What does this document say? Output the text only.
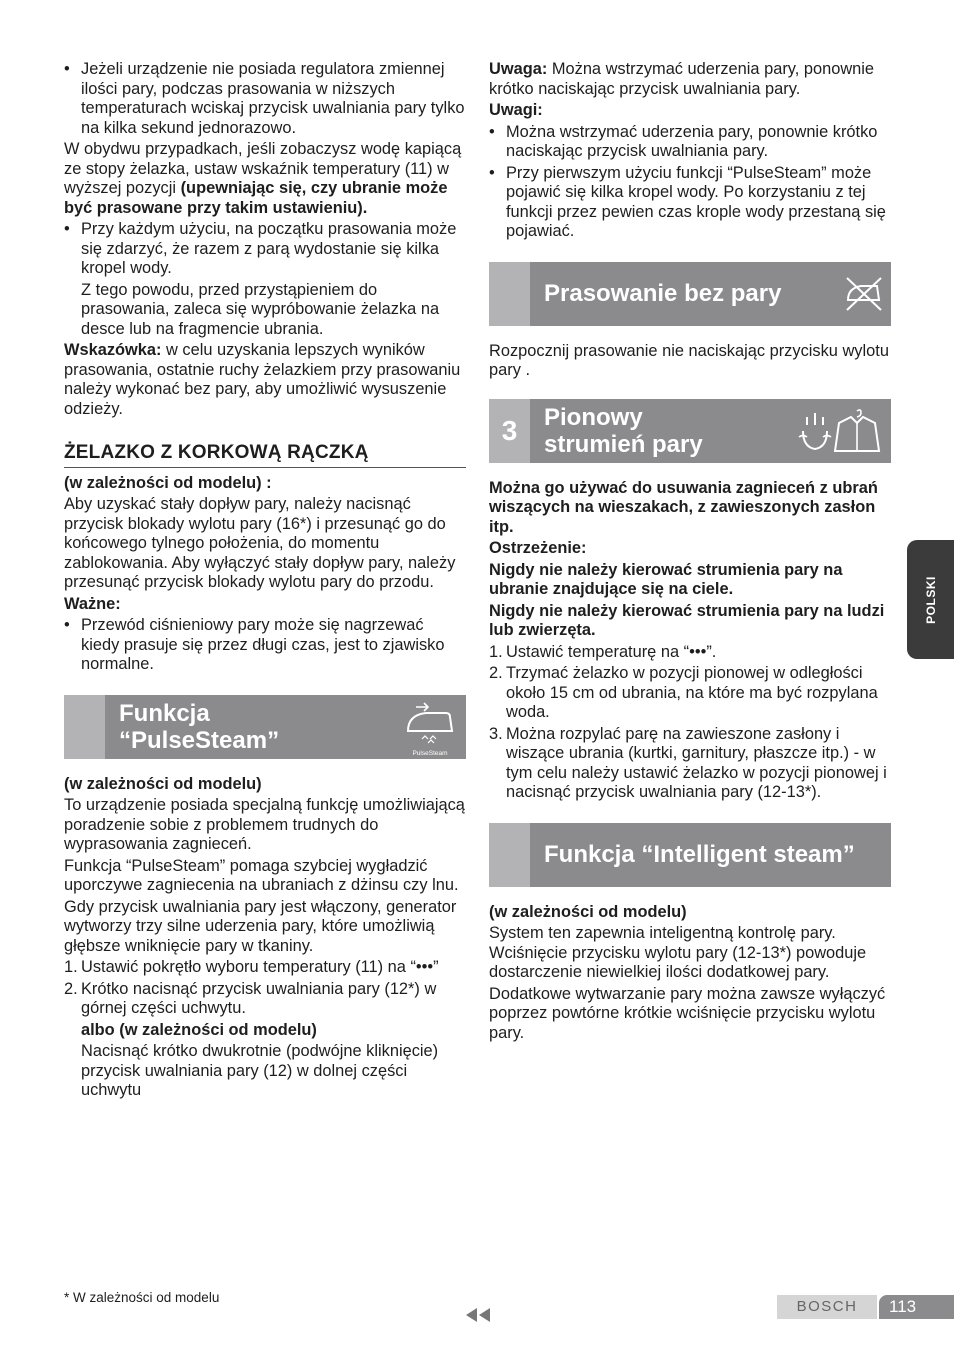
• Jeżeli urządzenie nie posiada regulatora zmiennej ilości pary, podczas prasowania w niższych temperaturach wciskaj przycisk uwalniania pary tylko na kilka sekund jednorazowo.

W obydwu przypadkach, jeśli zobaczysz wodę kapiącą ze stopy żelazka, ustaw wskaźnik temperatury (11) w wyższej pozycji (upewniając się, czy ubranie może być prasowane przy takim ustawieniu).

• Przy każdym użyciu, na początku prasowania może się zdarzyć, że razem z parą wydostanie się kilka kropel wody.

Z tego powodu, przed przystąpieniem do prasowania, zaleca się wypróbowanie żelazka na desce lub na fragmencie ubrania.

Wskazówka: w celu uzyskania lepszych wyników prasowania, ostatnie ruchy żelazkiem przy prasowaniu należy wykonać bez pary, aby umożliwić wysuszenie odzieży.

ŻELAZKO Z KORKOWĄ RĄCZKĄ

(w zależności od modelu) :

Aby uzyskać stały dopływ pary, należy nacisnąć przycisk blokady wylotu pary (16*) i przesunąć go do końcowego tylnego położenia, do momentu zablokowania. Aby wyłączyć stały dopływ pary, należy przesunąć przycisk blokady wylotu pary do przodu.

Ważne:

• Przewód ciśnieniowy pary może się nagrzewać kiedy prasuje się przez długi czas, jest to zjawisko normalne.
Funkcja
“PulseSteam”	PulseSteam

(w zależności od modelu)

To urządzenie posiada specjalną funkcję umożliwiającą poradzenie sobie z problemem trudnych do wyprasowania zagnieceń.

Funkcja “PulseSteam” pomaga szybciej wygładzić uporczywe zagniecenia na ubraniach z dżinsu czy lnu.

Gdy przycisk uwalniania pary jest włączony, generator wytworzy trzy silne uderzenia pary, które umożliwią głębsze wniknięcie pary w tkaniny.

1. Ustawić pokrętło wyboru temperatury (11) na “•••”
2. Krótko nacisnąć przycisk uwalniania pary (12*) w górnej części uchwytu.

albo (w zależności od modelu)

Nacisnąć krótko dwukrotnie (podwójne kliknięcie) przycisk uwalniania pary (12) w dolnej części uchwytu

Uwaga: Można wstrzymać uderzenia pary, ponownie krótko naciskając przycisk uwalniania pary.

Uwagi:

• Można wstrzymać uderzenia pary, ponownie krótko naciskając przycisk uwalniania pary.
• Przy pierwszym użyciu funkcji “PulseSteam” może pojawić się kilka kropel wody. Po korzystaniu z tej funkcji przez pewien czas krople wody przestaną się pojawiać.
Prasowanie bez pary

Rozpocznij prasowanie nie naciskając przycisku wylotu pary .

3	Pionowy
strumień pary

Można go używać do usuwania zagnieceń z ubrań wiszących na wieszakach, z zawieszonych zasłon itp.

Ostrzeżenie:

Nigdy nie należy kierować strumienia pary na ubranie znajdujące się na ciele.

Nigdy nie należy kierować strumienia pary na ludzi lub zwierzęta.

1. Ustawić temperaturę na “•••”.
2. Trzymać żelazko w pozycji pionowej w odległości około 15 cm od ubrania, na które ma być rozpylana woda.
3. Można rozpylać parę na zawieszone zasłony i wiszące ubrania (kurtki, garnitury, płaszcze itp.) - w tym celu należy ustawić żelazko w pozycji pionowej i nacisnąć przycisk uwalniania pary (12-13*).
Funkcja “Intelligent steam”

(w zależności od modelu)

System ten zapewnia inteligentną kontrolę pary. Wciśnięcie przycisku wylotu pary (12-13*) powoduje dostarczenie niewielkiej ilości dodatkowej pary.

Dodatkowe wytwarzanie pary można zawsze wyłączyć poprzez powtórne krótkie wciśnięcie przycisku wylotu pary.

POLSKI
* W zależności od modelu
BOSCH	113
